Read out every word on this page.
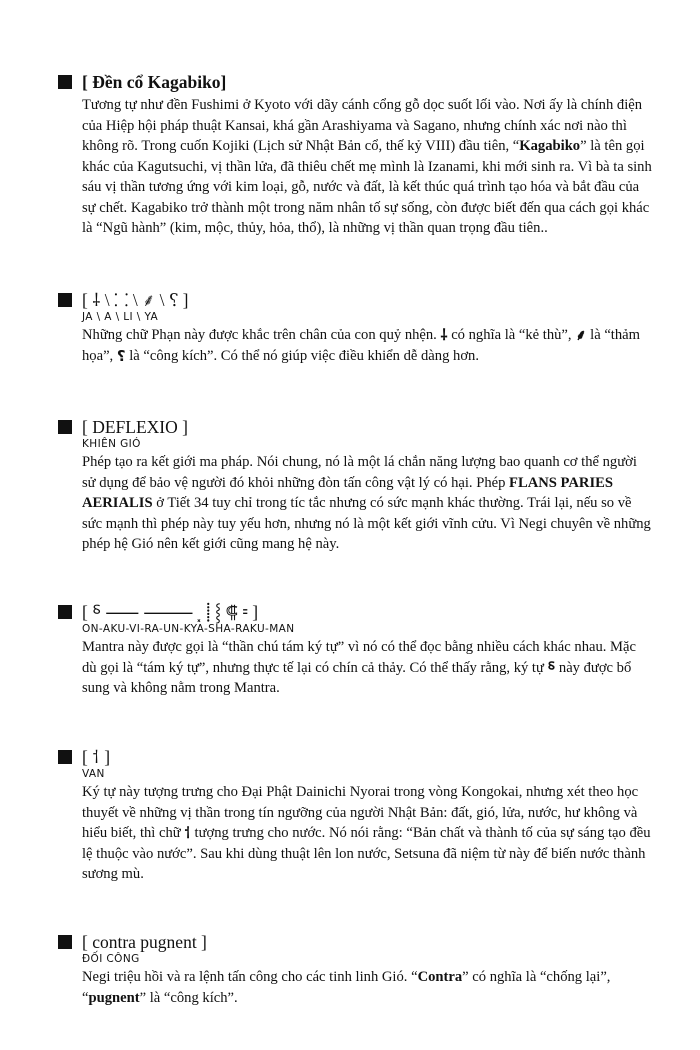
[ Đền cổ Kagabiko]
Tương tự như đền Fushimi ở Kyoto với dãy cánh cổng gỗ dọc suốt lối vào. Nơi ấy là chính điện của Hiệp hội pháp thuật Kansai, khá gần Arashiyama và Sagano, nhưng chính xác nơi nào thì không rõ. Trong cuốn Kojiki (Lịch sử Nhật Bản cổ, thế kỷ VIII) đầu tiên, “Kagabiko” là tên gọi khác của Kagutsuchi, vị thần lửa, đã thiêu chết mẹ mình là Izanami, khi mới sinh ra. Vì bà ta sinh sáu vị thần tương ứng với kim loại, gỗ, nước và đất, là kết thúc quá trình tạo hóa và bắt đầu của sự chết. Kagabiko trở thành một trong năm nhân tố sự sống, còn được biết đến qua cách gọi khác là “Ngũ hành” (kim, mộc, thủy, hỏa, thổ), là những vị thần quan trọng đầu tiên..
[ ⸸ \ ⸬ \ ⸙ \ ⸮ ]
JA \ A \ LI \ YA
Những chữ Phạn này được khắc trên chân của con quỷ nhện. ⸸ có nghĩa là “kẻ thù”, ⸙ là “thảm họa”, ⸮ là “công kích”. Có thể nó giúp việc điều khiển dễ dàng hơn.
[ DEFLEXIO ]
KHIÊN GIÓ
Phép tạo ra kết giới ma pháp. Nói chung, nó là một lá chắn năng lượng bao quanh cơ thể người sử dụng để bảo vệ người đó khỏi những đòn tấn công vật lý có hại. Phép FLANS PARIES AERIALIS ở Tiết 34 tuy chỉ trong tíc tắc nhưng có sức mạnh khác thường. Trái lại, nếu so về sức mạnh thì phép này tuy yếu hơn, nhưng nó là một kết giới vĩnh cửu. Vì Negi chuyên về những phép hệ Gió nên kết giới cũng mang hệ này.
[ ⸹ ⸺ ⸻ ⸼ ⸽ ⸾ ⸿ ⹀ ]
ON-AKU-VI-RA-UN-KYA-SHA-RAKU-MAN
Mantra này được gọi là “thần chú tám ký tự” vì nó có thể đọc bằng nhiều cách khác nhau. Mặc dù gọi là “tám ký tự”, nhưng thực tế lại có chín cả thảy. Có thể thấy rằng, ký tự ⸹ này được bổ sung và không nằm trong Mantra.
[ ⸶ ]
VAN
Ký tự này tượng trưng cho Đại Phật Dainichi Nyorai trong vòng Kongokai, nhưng xét theo học thuyết về những vị thần trong tín ngưỡng của người Nhật Bản: đất, gió, lửa, nước, hư không và hiểu biết, thì chữ ⸶ tượng trưng cho nước. Nó nói rằng: “Bản chất và thành tố của sự sáng tạo đều lệ thuộc vào nước”. Sau khi dùng thuật lên lon nước, Setsuna đã niệm từ này để biến nước thành sương mù.
[ contra pugnent ]
ĐỐI CÔNG
Negi triệu hồi và ra lệnh tấn công cho các tinh linh Gió. “Contra” có nghĩa là “chống lại”, “pugnent” là “công kích”.
